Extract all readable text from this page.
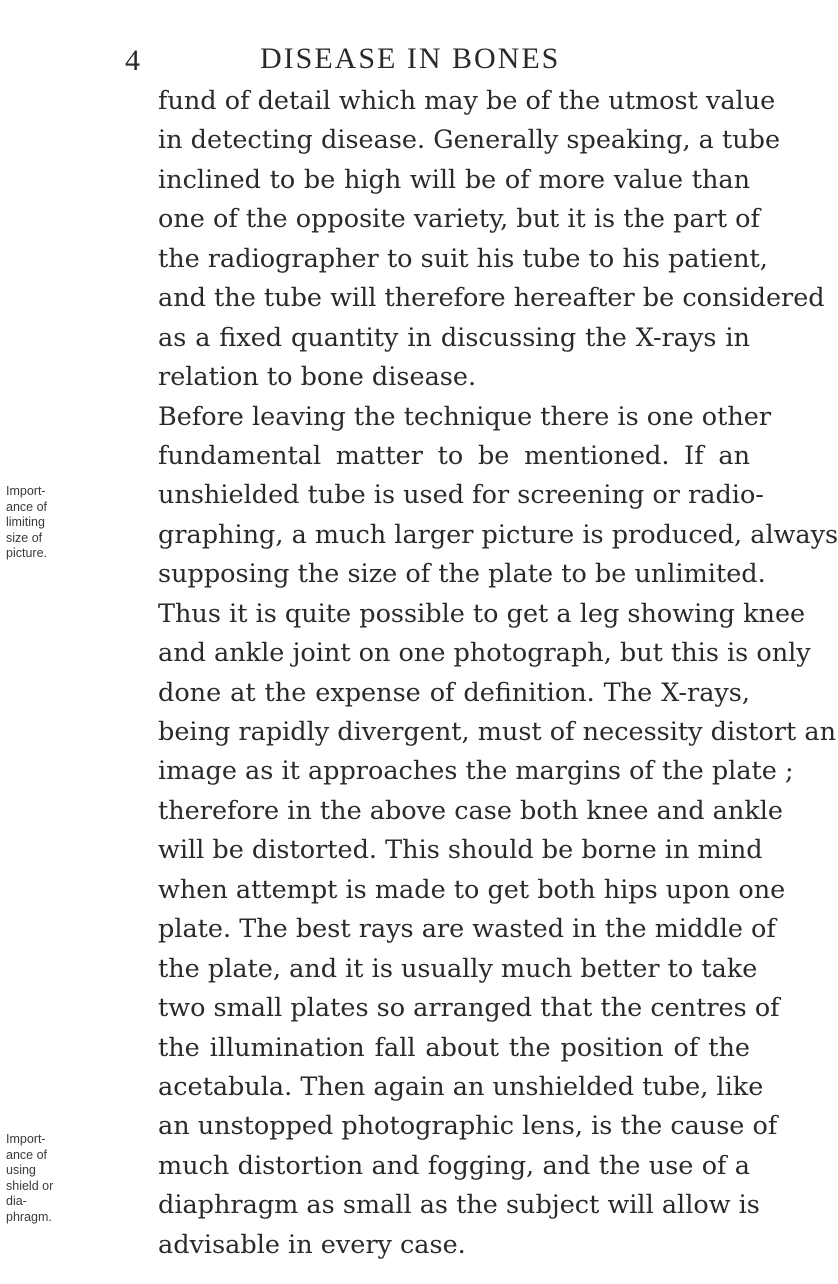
4	DISEASE IN BONES
Import-
ance of
limiting
size of
picture.
Import-
ance of
using
shield or
dia-
phragm.
fund of detail which may be of the utmost value
in detecting disease. Generally speaking, a tube
inclined to be high will be of more value than
one of the opposite variety, but it is the part of
the radiographer to suit his tube to his patient,
and the tube will therefore hereafter be considered
as a fixed quantity in discussing the X-rays in
relation to bone disease.
Before leaving the technique there is one other
fundamental matter to be mentioned. If an
unshielded tube is used for screening or radio-
graphing, a much larger picture is produced, always
supposing the size of the plate to be unlimited.
Thus it is quite possible to get a leg showing knee
and ankle joint on one photograph, but this is only
done at the expense of definition. The X-rays,
being rapidly divergent, must of necessity distort an
image as it approaches the margins of the plate ;
therefore in the above case both knee and ankle
will be distorted. This should be borne in mind
when attempt is made to get both hips upon one
plate. The best rays are wasted in the middle of
the plate, and it is usually much better to take
two small plates so arranged that the centres of
the illumination fall about the position of the
acetabula. Then again an unshielded tube, like
an unstopped photographic lens, is the cause of
much distortion and fogging, and the use of a
diaphragm as small as the subject will allow is
advisable in every case.
